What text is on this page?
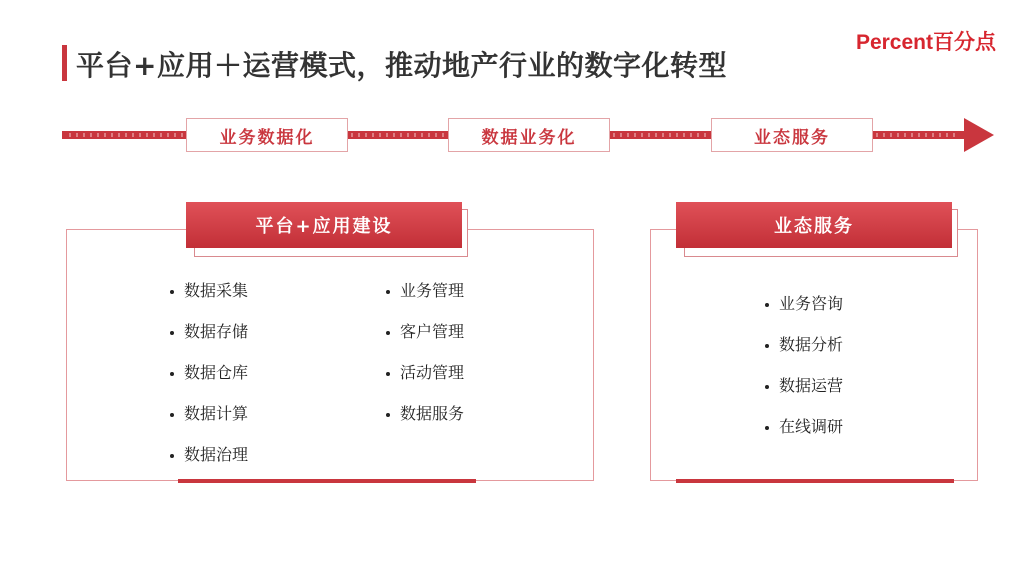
平台+应用＋运营模式，推动地产行业的数字化转型
Percent百分点
业务数据化	数据业务化	业态服务
平台+应用建设
数据采集
数据存储
数据仓库
数据计算
数据治理
业务管理
客户管理
活动管理
数据服务
业态服务
业务咨询
数据分析
数据运营
在线调研
